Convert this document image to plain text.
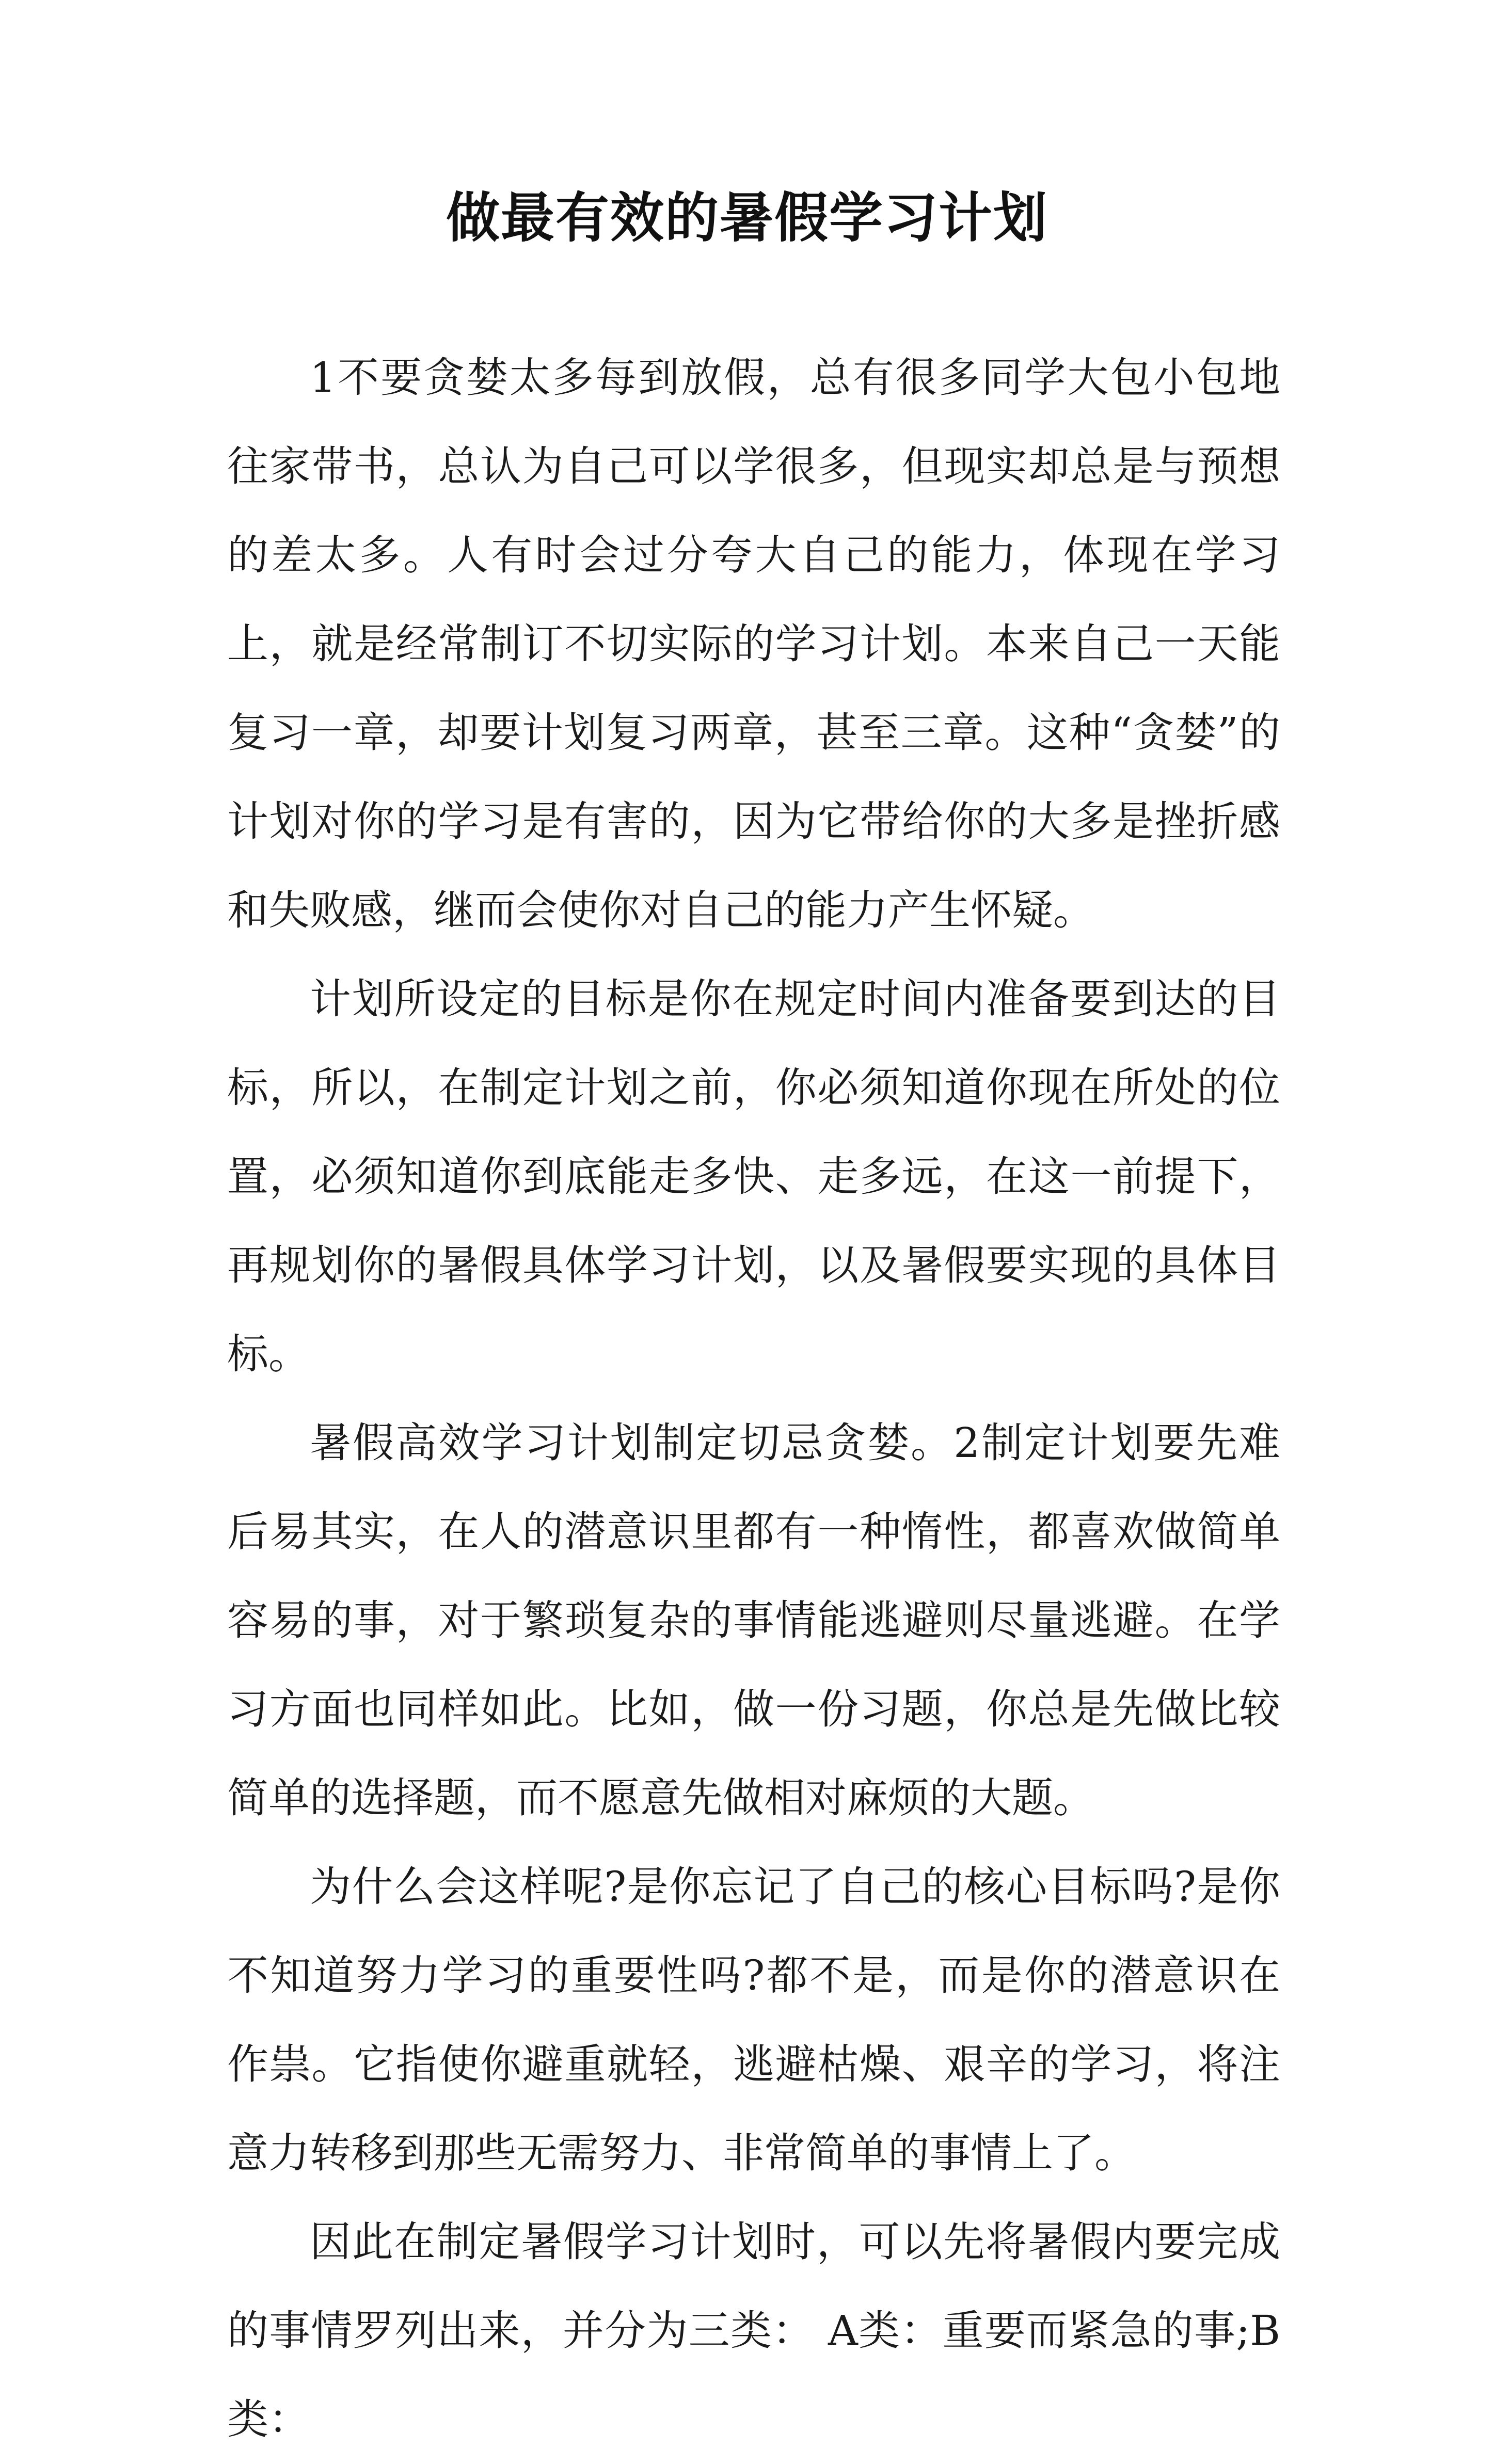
做最有效的暑假学习计划

1不要贪婪太多每到放假，总有很多同学大包小包地往家带书，总认为自己可以学很多，但现实却总是与预想的差太多。人有时会过分夸大自己的能力，体现在学习上，就是经常制订不切实际的学习计划。本来自己一天能复习一章，却要计划复习两章，甚至三章。这种“贪婪”的计划对你的学习是有害的，因为它带给你的大多是挫折感和失败感，继而会使你对自己的能力产生怀疑。

计划所设定的目标是你在规定时间内准备要到达的目标，所以，在制定计划之前，你必须知道你现在所处的位置，必须知道你到底能走多快、走多远，在这一前提下，再规划你的暑假具体学习计划，以及暑假要实现的具体目标。

暑假高效学习计划制定切忌贪婪。2制定计划要先难后易其实，在人的潜意识里都有一种惰性，都喜欢做简单容易的事，对于繁琐复杂的事情能逃避则尽量逃避。在学习方面也同样如此。比如，做一份习题，你总是先做比较简单的选择题，而不愿意先做相对麻烦的大题。

为什么会这样呢?是你忘记了自己的核心目标吗?是你不知道努力学习的重要性吗?都不是，而是你的潜意识在作祟。它指使你避重就轻，逃避枯燥、艰辛的学习，将注意力转移到那些无需努力、非常简单的事情上了。

因此在制定暑假学习计划时，可以先将暑假内要完成的事情罗列出来，并分为三类： A类：重要而紧急的事;B类：
